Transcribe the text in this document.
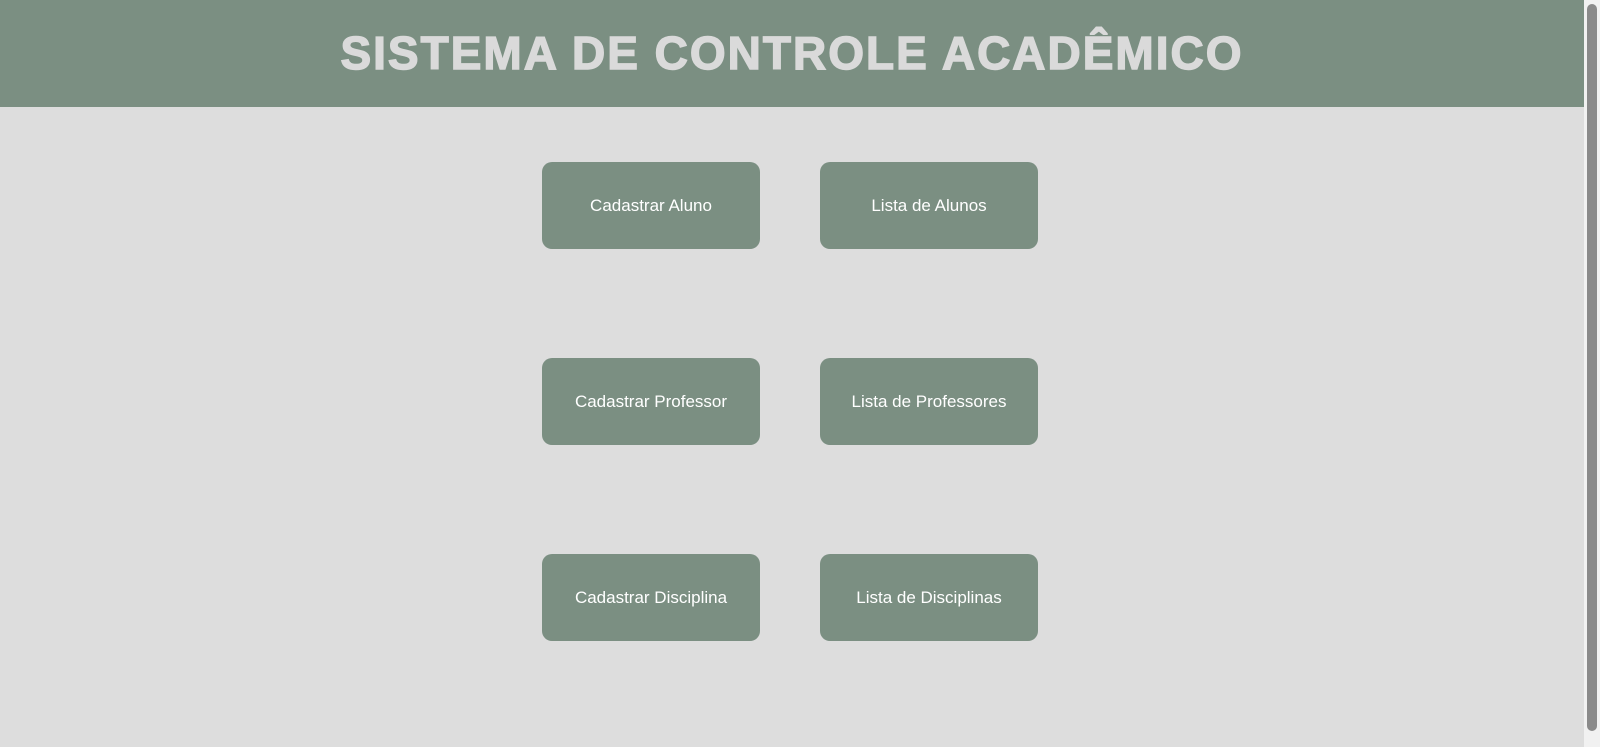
SISTEMA DE CONTROLE ACADÊMICO
Cadastrar Aluno	Lista de Alunos
Cadastrar Professor	Lista de Professores
Cadastrar Disciplina	Lista de Disciplinas
